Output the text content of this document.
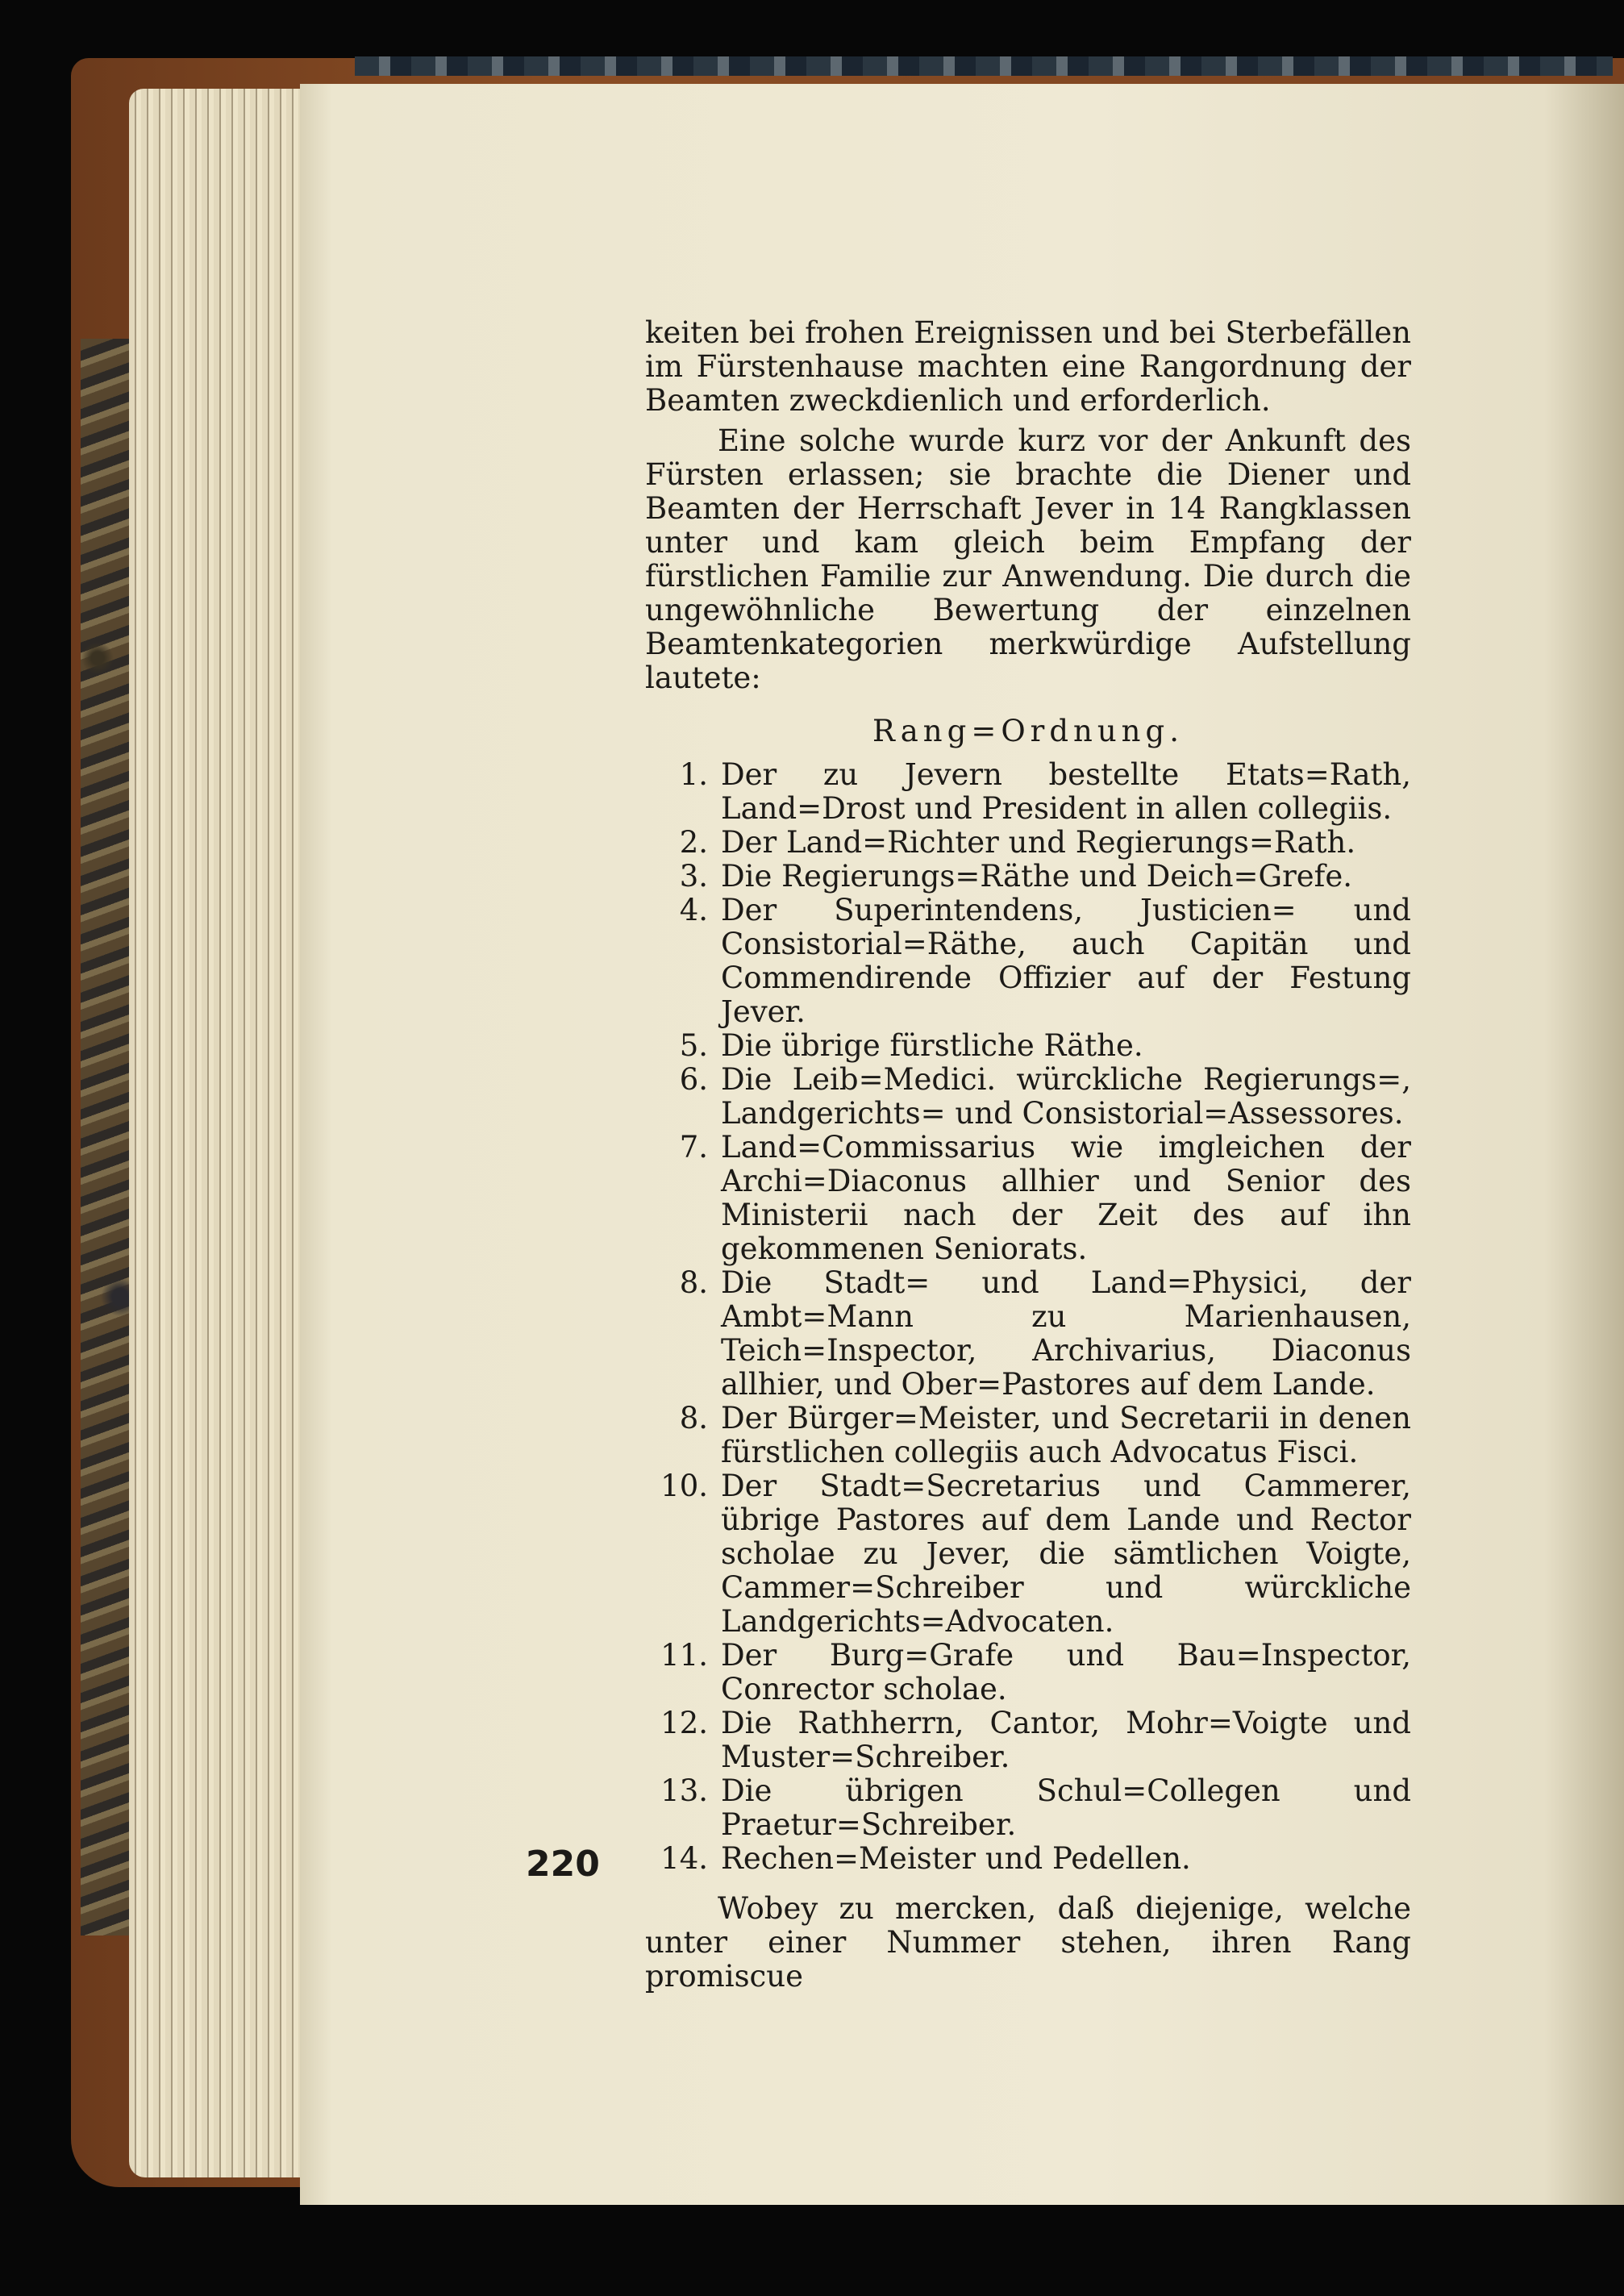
keiten bei frohen Ereignissen und bei Sterbefällen im Fürstenhause machten eine Rangordnung der Beamten zweckdienlich und erforderlich.

Eine solche wurde kurz vor der Ankunft des Fürsten erlassen; sie brachte die Diener und Beamten der Herrschaft Jever in 14 Rangklassen unter und kam gleich beim Empfang der fürstlichen Familie zur Anwendung. Die durch die ungewöhnliche Bewertung der einzelnen Beamtenkategorien merkwürdige Aufstellung lautete:

Rang=Ordnung.
1. Der zu Jevern bestellte Etats=Rath, Land=Drost und President in allen collegiis.
2. Der Land=Richter und Regierungs=Rath.
3. Die Regierungs=Räthe und Deich=Grefe.
4. Der Superintendens, Justicien= und Consistorial=Räthe, auch Capitän und Commendirende Offizier auf der Festung Jever.
5. Die übrige fürstliche Räthe.
6. Die Leib=Medici. würckliche Regierungs=, Landgerichts= und Consistorial=Assessores.
7. Land=Commissarius wie imgleichen der Archi=Diaconus allhier und Senior des Ministerii nach der Zeit des auf ihn gekommenen Seniorats.
8. Die Stadt= und Land=Physici, der Ambt=Mann zu Marienhausen, Teich=Inspector, Archivarius, Diaconus allhier, und Ober=Pastores auf dem Lande.
8. Der Bürger=Meister, und Secretarii in denen fürstlichen collegiis auch Advocatus Fisci.
10. Der Stadt=Secretarius und Cammerer, übrige Pastores auf dem Lande und Rector scholae zu Jever, die sämtlichen Voigte, Cammer=Schreiber und würckliche Landgerichts=Advocaten.
11. Der Burg=Grafe und Bau=Inspector, Conrector scholae.
12. Die Rathherrn, Cantor, Mohr=Voigte und Muster=Schreiber.
13. Die übrigen Schul=Collegen und Praetur=Schreiber.
14. Rechen=Meister und Pedellen.

Wobey zu mercken, daß diejenige, welche unter einer Nummer stehen, ihren Rang promiscue

220
